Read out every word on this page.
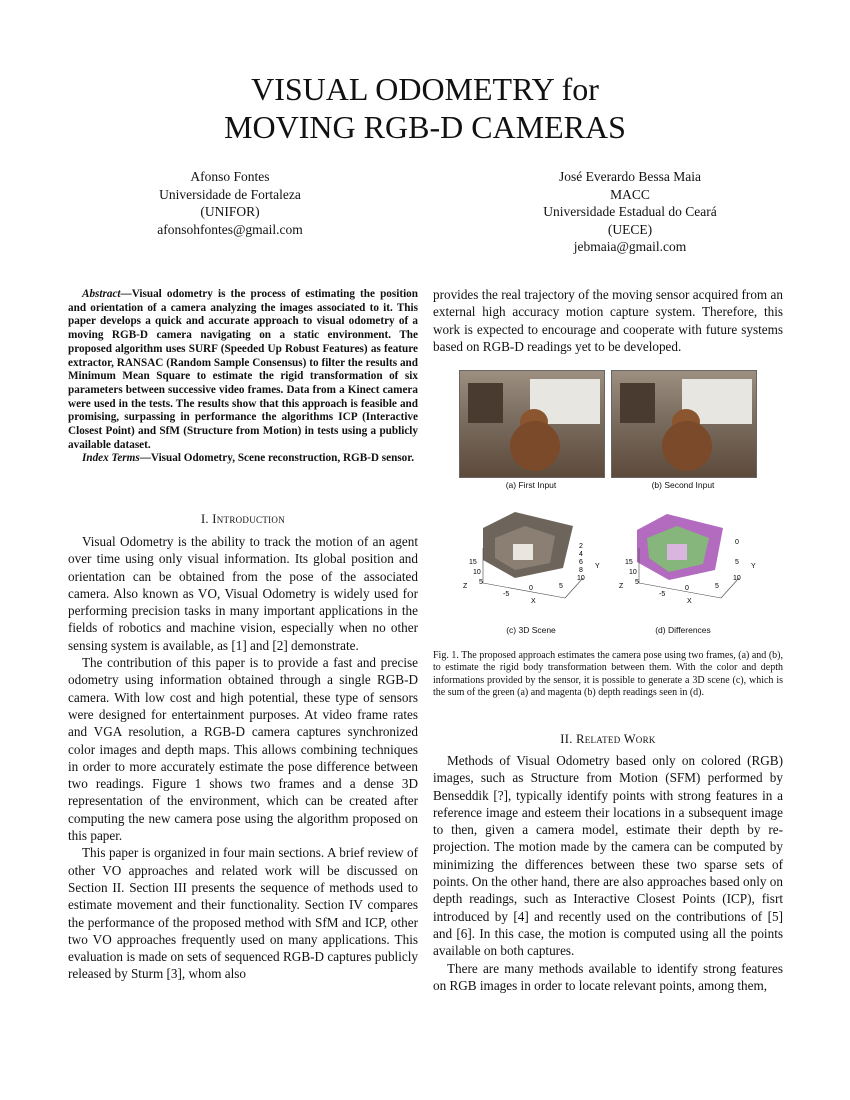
VISUAL ODOMETRY for
MOVING RGB-D CAMERAS
Afonso Fontes
Universidade de Fortaleza
(UNIFOR)
afonsohfontes@gmail.com
José Everardo Bessa Maia
MACC
Universidade Estadual do Ceará
(UECE)
jebmaia@gmail.com

Abstract—Visual odometry is the process of estimating the position and orientation of a camera analyzing the images associated to it. This paper develops a quick and accurate approach to visual odometry of a moving RGB-D camera navigating on a static environment. The proposed algorithm uses SURF (Speeded Up Robust Features) as feature extractor, RANSAC (Random Sample Consensus) to filter the results and Minimum Mean Square to estimate the rigid transformation of six parameters between successive video frames. Data from a Kinect camera were used in the tests. The results show that this approach is feasible and promising, surpassing in performance the algorithms ICP (Interactive Closest Point) and SfM (Structure from Motion) in tests using a publicly available dataset.

Index Terms—Visual Odometry, Scene reconstruction, RGB-D sensor.

I. Introduction

Visual Odometry is the ability to track the motion of an agent over time using only visual information. Its global position and orientation can be obtained from the pose of the associated camera. Also known as VO, Visual Odometry is widely used for performing precision tasks in many important applications in the fields of robotics and machine vision, especially when no other sensing system is available, as [1] and [2] demonstrate.

The contribution of this paper is to provide a fast and precise odometry using information obtained through a single RGB-D camera. With low cost and high potential, these type of sensors were designed for entertainment purposes. At video frame rates and VGA resolution, a RGB-D camera captures synchronized color images and depth maps. This allows combining techniques in order to more accurately estimate the pose difference between two readings. Figure 1 shows two frames and a dense 3D representation of the environment, which can be created after computing the new camera pose using the algorithm proposed on this paper.

This paper is organized in four main sections. A brief review of other VO approaches and related work will be discussed on Section II. Section III presents the sequence of methods used to estimate movement and their functionality. Section IV compares the performance of the proposed method with SfM and ICP, other two VO approaches frequently used on many applications. This evaluation is made on sets of sequenced RGB-D captures publicly released by Sturm [3], whom also

provides the real trajectory of the moving sensor acquired from an external high accuracy motion capture system. Therefore, this work is expected to encourage and cooperate with future systems based on RGB-D readings yet to be developed.

(a) First Input	(b) Second Input
15
10
5
Z
-5
0	5
X
2
4
6
8
10
Y
(c) 3D Scene
15
10
5
Z
-5
0	5
X
0
5
10
Y
(d) Differences
Fig. 1. The proposed approach estimates the camera pose using two frames, (a) and (b), to estimate the rigid body transformation between them. With the color and depth informations provided by the sensor, it is possible to generate a 3D scene (c), which is the sum of the green (a) and magenta (b) depth readings seen in (d).
II. Related Work

Methods of Visual Odometry based only on colored (RGB) images, such as Structure from Motion (SFM) performed by Benseddik [?], typically identify points with strong features in a reference image and esteem their locations in a subsequent image to then, given a camera model, estimate their depth by re-projection. The motion made by the camera can be computed by minimizing the differences between these two sparse sets of points. On the other hand, there are also approaches based only on depth readings, such as Interactive Closest Points (ICP), fisrt introduced by [4] and recently used on the contributions of [5] and [6]. In this case, the motion is computed using all the points available on both captures.

There are many methods available to identify strong features on RGB images in order to locate relevant points, among them,
